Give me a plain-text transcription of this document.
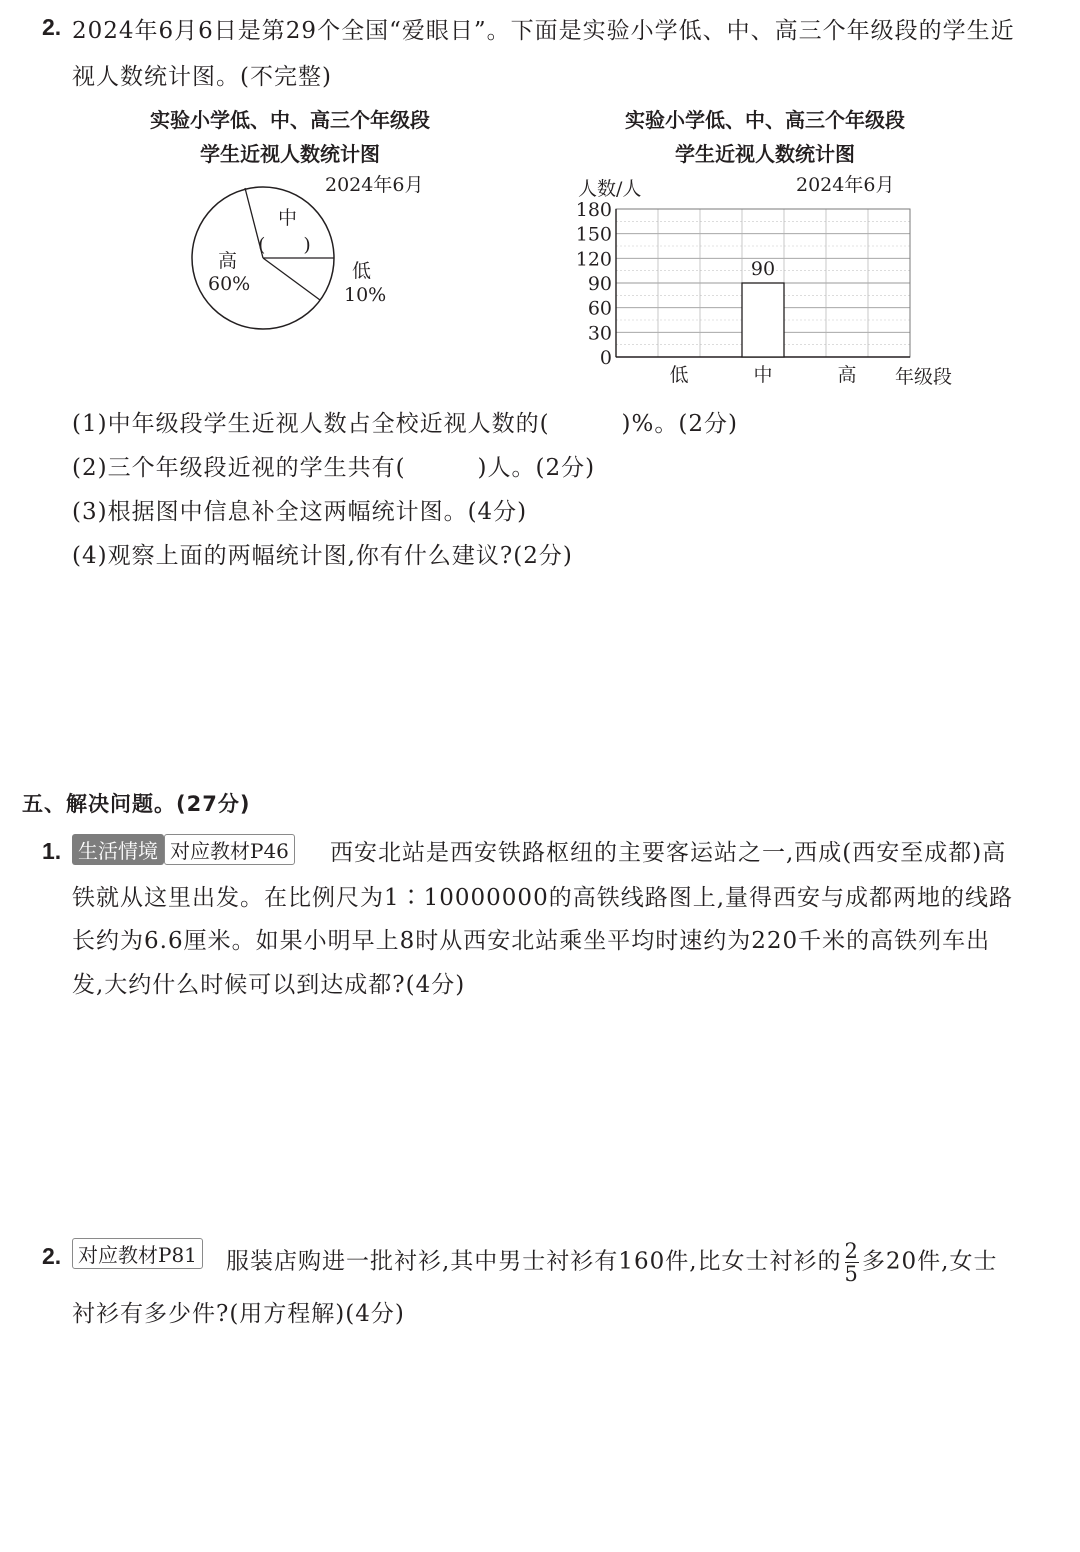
2. 2024年6月6日是第29个全国“爱眼日”。下面是实验小学低、中、高三个年级段的学生近
视人数统计图。(不完整)
实验小学低、中、高三个年级段
学生近视人数统计图
2024年6月
中
(　　)
高
60%
低
10%
实验小学低、中、高三个年级段
学生近视人数统计图
人数/人	2024年6月
年级段
0
30
60
90
120
150
180
低	中
90
高
(1)中年级段学生近视人数占全校近视人数的(　　　)%。(2分)
(2)三个年级段近视的学生共有(　　　)人。(2分)
(3)根据图中信息补全这两幅统计图。(4分)
(4)观察上面的两幅统计图,你有什么建议?(2分)
五、解决问题。(27分)
1. 生活情境 对应教材P46 西安北站是西安铁路枢纽的主要客运站之一,西成(西安至成都)高
铁就从这里出发。在比例尺为1∶10000000的高铁线路图上,量得西安与成都两地的线路
长约为6.6厘米。如果小明早上8时从西安北站乘坐平均时速约为220千米的高铁列车出
发,大约什么时候可以到达成都?(4分)
2. 对应教材P81 服装店购进一批衬衫,其中男士衬衫有160件,比女士衬衫的 $\frac{2}{5}$ 多20件,女士
衬衫有多少件?(用方程解)(4分)
